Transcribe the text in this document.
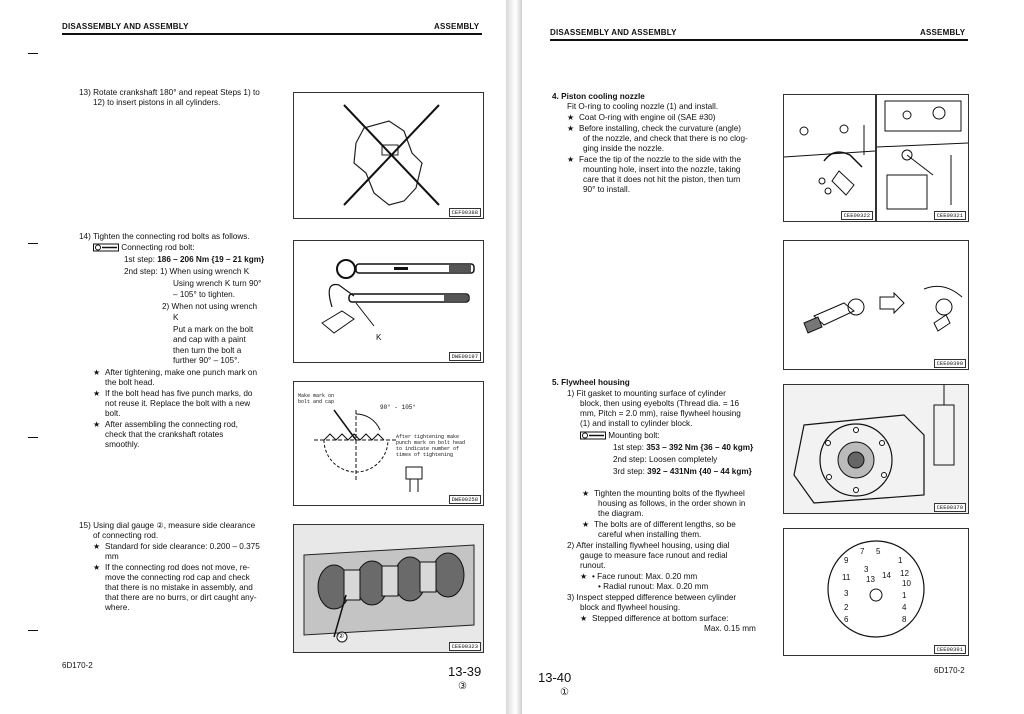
DISASSEMBLY AND ASSEMBLY	ASSEMBLY
13) Rotate crankshaft 180° and repeat Steps 1) to
12) to insert pistons in all cylinders.
CEF00388
14) Tighten the connecting rod bolts as follows.
Connecting rod bolt:
1st step: 186 – 206 Nm {19 – 21 kgm}
2nd step: 1) When using wrench K
Using wrench K turn 90°
– 105° to tighten.
2) When not using wrench
K
Put a mark on the bolt
and cap with a paint
then turn the bolt a
further 90° – 105°.
★ After tightening, make one punch mark on
the bolt head.
★ If the bolt head has five punch marks, do
not reuse it. Replace the bolt with a new
bolt.
★ After assembling the connecting rod,
check that the crankshaft rotates
smoothly.
K
DWE00197
Make mark on
bolt and cap
90° - 105°
After tightening make
punch mark on bolt head
to indicate number of
times of tightening
DWE00258
15) Using dial gauge ②, measure side clearance
of connecting rod.
★ Standard for side clearance: 0.200 – 0.375
mm
★ If the connecting rod does not move, re-
move the connecting rod cap and check
that there is no mistake in assembly, and
that there are no burrs, or dirt caught any-
where.
②
CEE00323
6D170-2	13-39
③
DISASSEMBLY AND ASSEMBLY	ASSEMBLY
4. Piston cooling nozzle
Fit O-ring to cooling nozzle (1) and install.
★ Coat O-ring with engine oil (SAE #30)
★ Before installing, check the curvature (angle)
of the nozzle, and check that there is no clog-
ging inside the nozzle.
★ Face the tip of the nozzle to the side with the
mounting hole, insert into the nozzle, taking
care that it does not hit the piston, then turn
90° to install.
CEE00322	CEE00321
CEE00390
5. Flywheel housing
1) Fit gasket to mounting surface of cylinder
block, then using eyebolts (Thread dia. = 16
mm, Pitch = 2.0 mm), raise flywheel housing
(1) and install to cylinder block.
Mounting bolt:
1st step: 353 – 392 Nm {36 – 40 kgm}
2nd step: Loosen completely
3rd step: 392 – 431Nm {40 – 44 kgm}
★ Tighten the mounting bolts of the flywheel
housing as follows, in the order shown in
the diagram.
★ The bolts are of different lengths, so be
careful when installing them.
2) After installing flywheel housing, using dial
gauge to measure face runout and redial
runout.
★ • Face runout: Max. 0.20 mm
• Radial runout: Max. 0.20 mm
3) Inspect stepped difference between cylinder
block and flywheel housing.
★ Stepped difference at bottom surface:
Max. 0.15 mm
CEE00370
7 5
9	1
3
11 13 14 12
10
3	1
2	4
6	8
CEE00391
13-40
①
6D170-2
